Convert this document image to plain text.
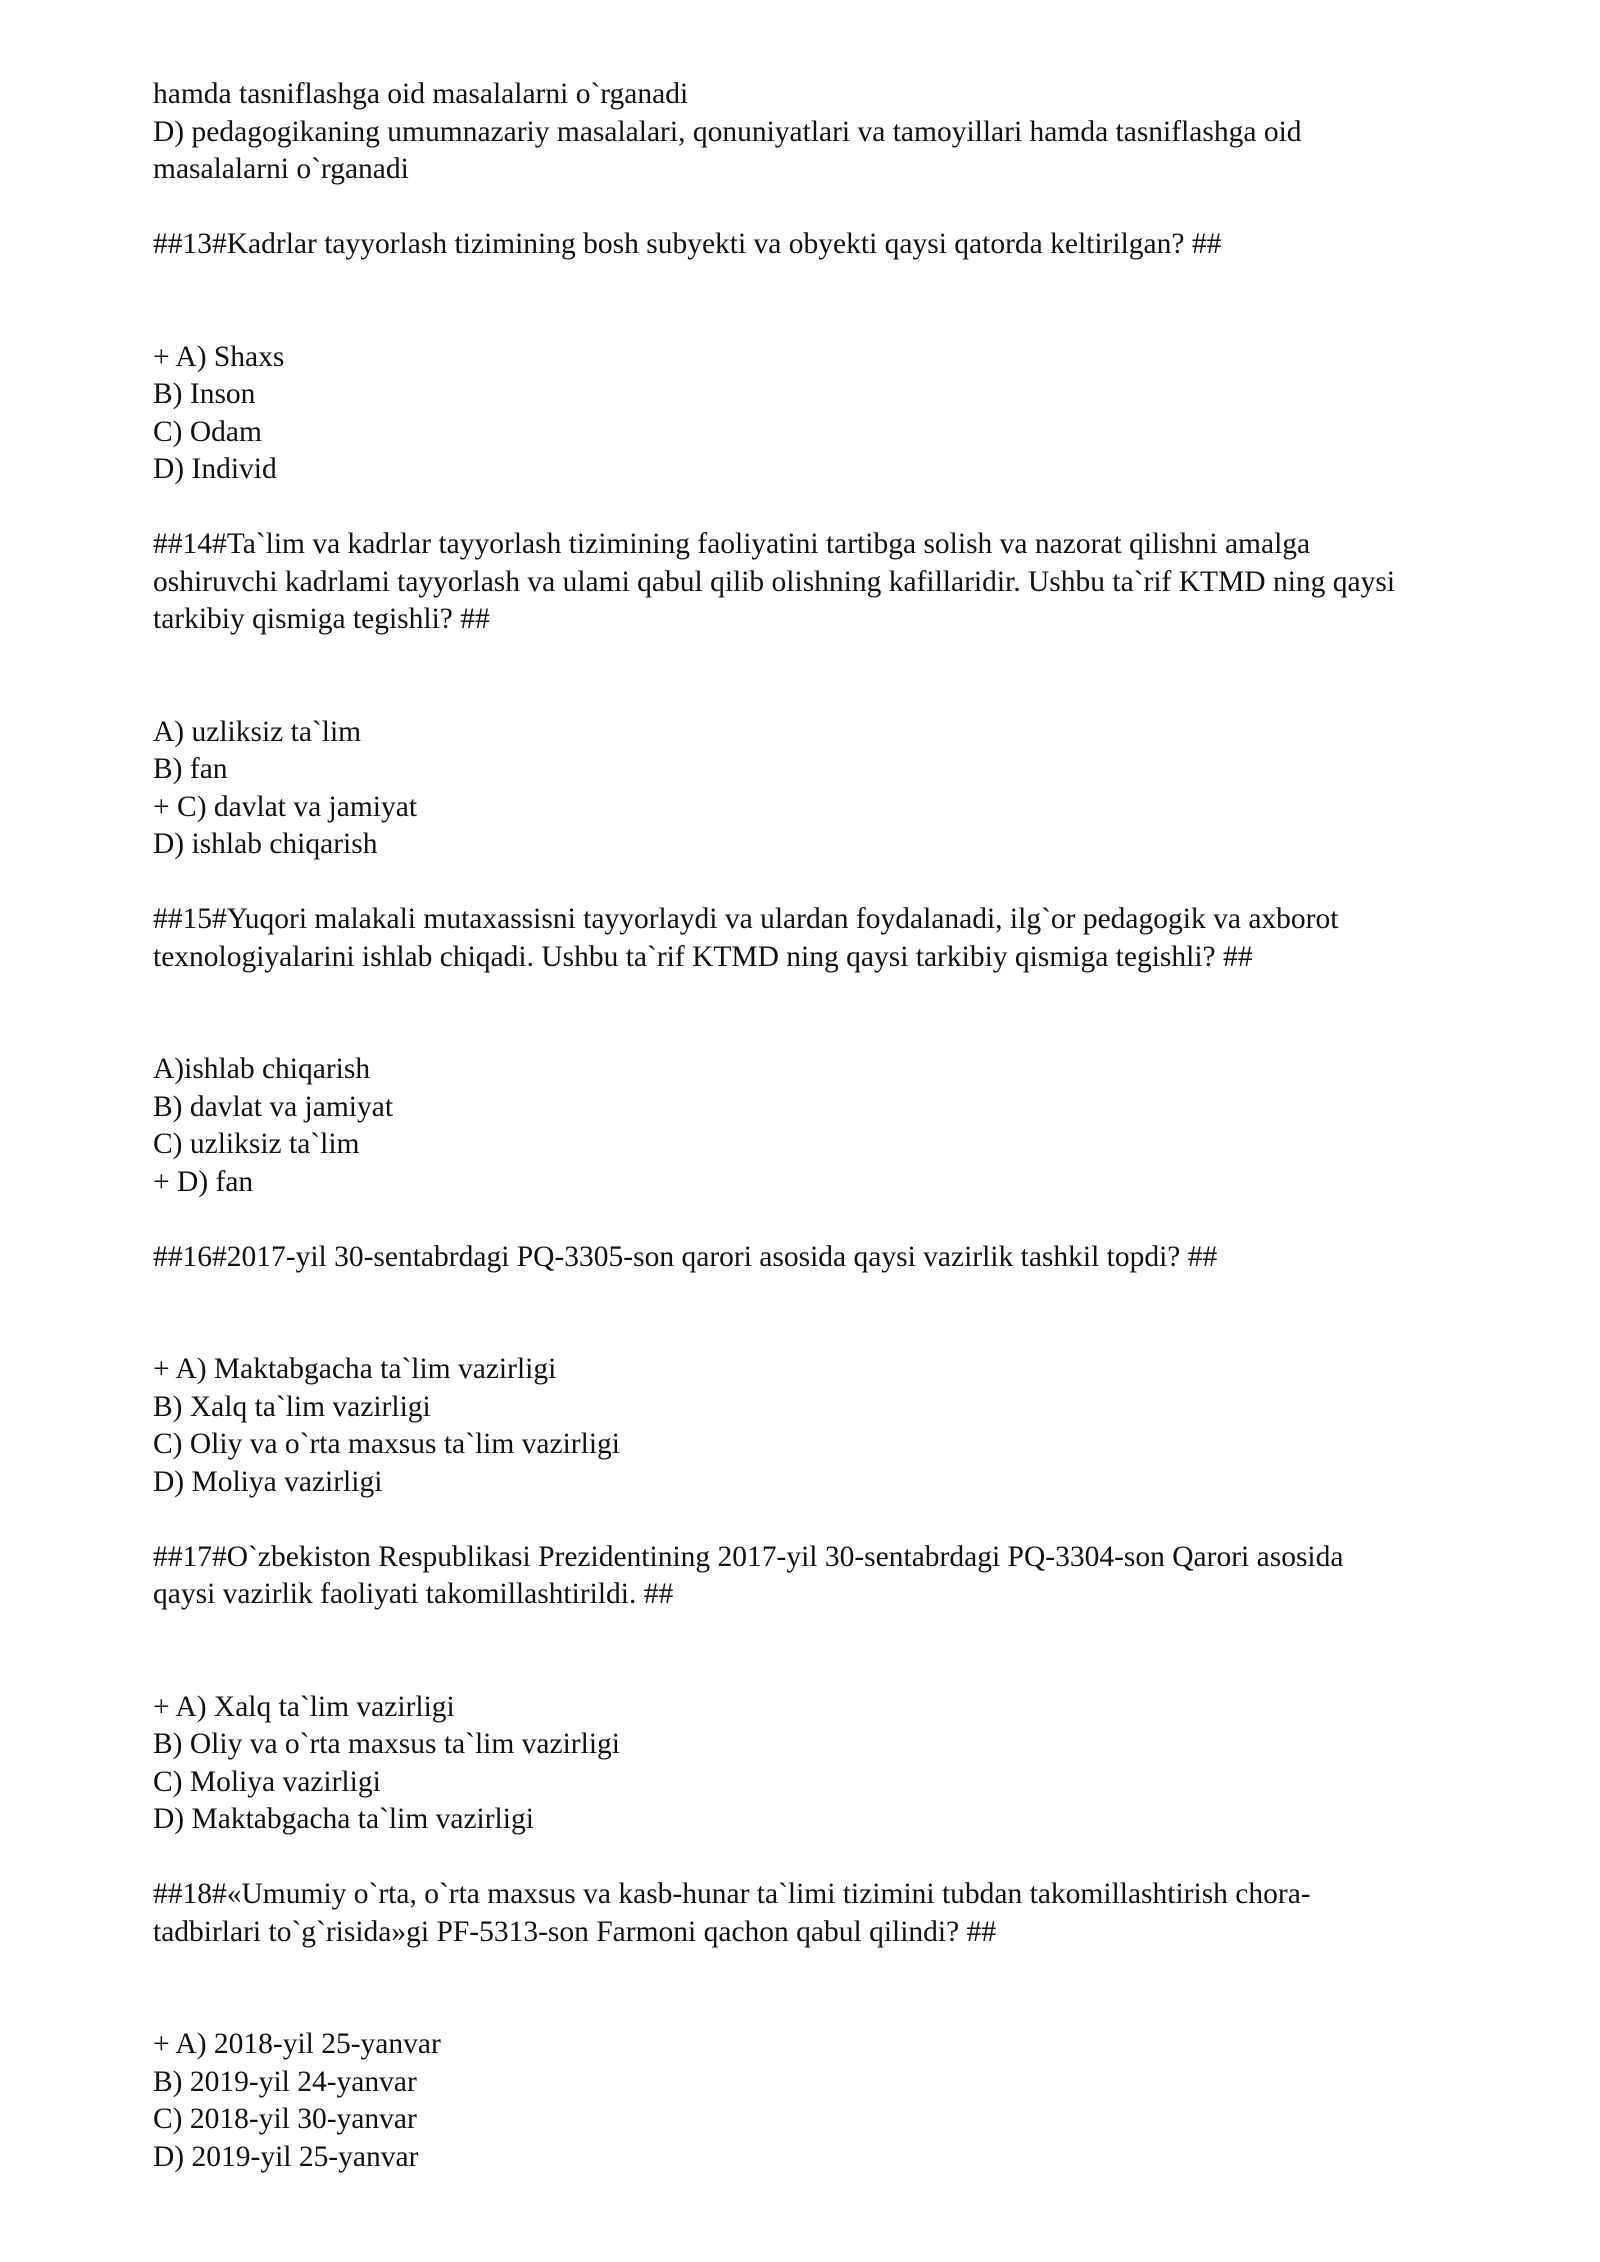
hamda tasniflashga oid masalalarni o`rganadi
D) pedagogikaning umumnazariy masalalari, qonuniyatlari va tamoyillari hamda tasniflashga oid
masalalarni o`rganadi
##13#Kadrlar tayyorlash tizimining bosh subyekti va obyekti qaysi qatorda keltirilgan? ##
+ A) Shaxs
B) Inson
C) Odam
D) Individ
##14#Ta`lim va kadrlar tayyorlash tizimining faoliyatini tartibga solish va nazorat qilishni amalga
oshiruvchi kadrlami tayyorlash va ulami qabul qilib olishning kafillaridir. Ushbu ta`rif KTMD ning qaysi
tarkibiy qismiga tegishli? ##
A) uzliksiz ta`lim
B) fan
+ C) davlat va jamiyat
D) ishlab chiqarish
##15#Yuqori malakali mutaxassisni tayyorlaydi va ulardan foydalanadi, ilg`or pedagogik va axborot
texnologiyalarini ishlab chiqadi. Ushbu ta`rif KTMD ning qaysi tarkibiy qismiga tegishli? ##
A)ishlab chiqarish
B) davlat va jamiyat
C) uzliksiz ta`lim
+ D) fan
##16#2017-yil 30-sentabrdagi PQ-3305-son qarori asosida qaysi vazirlik tashkil topdi? ##
+ A) Maktabgacha ta`lim vazirligi
B) Xalq ta`lim vazirligi
C) Oliy va o`rta maxsus ta`lim vazirligi
D) Moliya vazirligi
##17#O`zbekiston Respublikasi Prezidentining 2017-yil 30-sentabrdagi PQ-3304-son Qarori asosida
qaysi vazirlik faoliyati takomillashtirildi. ##
+ A) Xalq ta`lim vazirligi
B) Oliy va o`rta maxsus ta`lim vazirligi
C) Moliya vazirligi
D) Maktabgacha ta`lim vazirligi
##18#«Umumiy o`rta, o`rta maxsus va kasb-hunar ta`limi tizimini tubdan takomillashtirish chora-
tadbirlari to`g`risida»gi PF-5313-son Farmoni qachon qabul qilindi? ##
+ A) 2018-yil 25-yanvar
B) 2019-yil 24-yanvar
C) 2018-yil 30-yanvar
D) 2019-yil 25-yanvar
